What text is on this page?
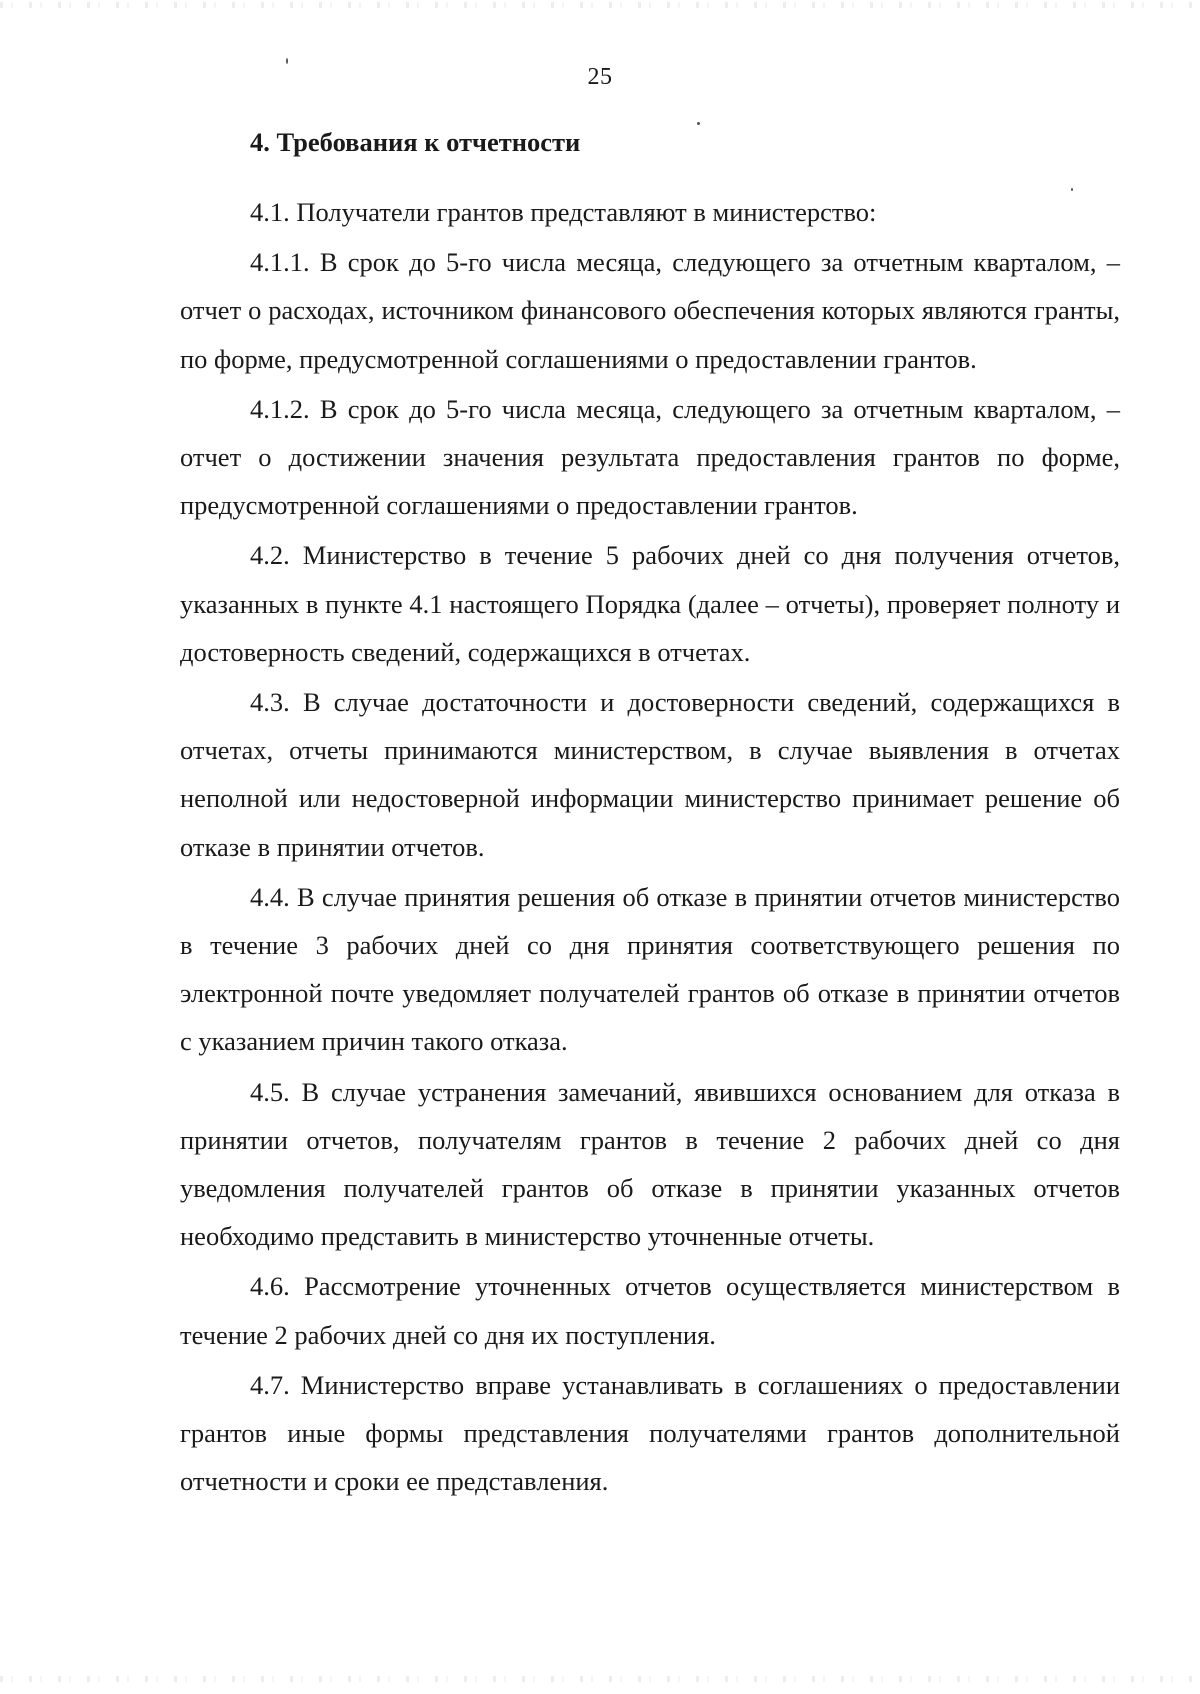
25
4. Требования к отчетности

4.1. Получатели грантов представляют в министерство:

4.1.1. В срок до 5-го числа месяца, следующего за отчетным кварталом, – отчет о расходах, источником финансового обеспечения которых являются гранты, по форме, предусмотренной соглашениями о предоставлении грантов.

4.1.2. В срок до 5-го числа месяца, следующего за отчетным кварталом, – отчет о достижении значения результата предоставления грантов по форме, предусмотренной соглашениями о предоставлении грантов.

4.2. Министерство в течение 5 рабочих дней со дня получения отчетов, указанных в пункте 4.1 настоящего Порядка (далее – отчеты), проверяет полноту и достоверность сведений, содержащихся в отчетах.

4.3. В случае достаточности и достоверности сведений, содержащихся в отчетах, отчеты принимаются министерством, в случае выявления в отчетах неполной или недостоверной информации министерство принимает решение об отказе в принятии отчетов.

4.4. В случае принятия решения об отказе в принятии отчетов министерство в течение 3 рабочих дней со дня принятия соответствующего решения по электронной почте уведомляет получателей грантов об отказе в принятии отчетов с указанием причин такого отказа.

4.5. В случае устранения замечаний, явившихся основанием для отказа в принятии отчетов, получателям грантов в течение 2 рабочих дней со дня уведомления получателей грантов об отказе в принятии указанных отчетов необходимо представить в министерство уточненные отчеты.

4.6. Рассмотрение уточненных отчетов осуществляется министерством в течение 2 рабочих дней со дня их поступления.

4.7. Министерство вправе устанавливать в соглашениях о предоставлении грантов иные формы представления получателями грантов дополнительной отчетности и сроки ее представления.
